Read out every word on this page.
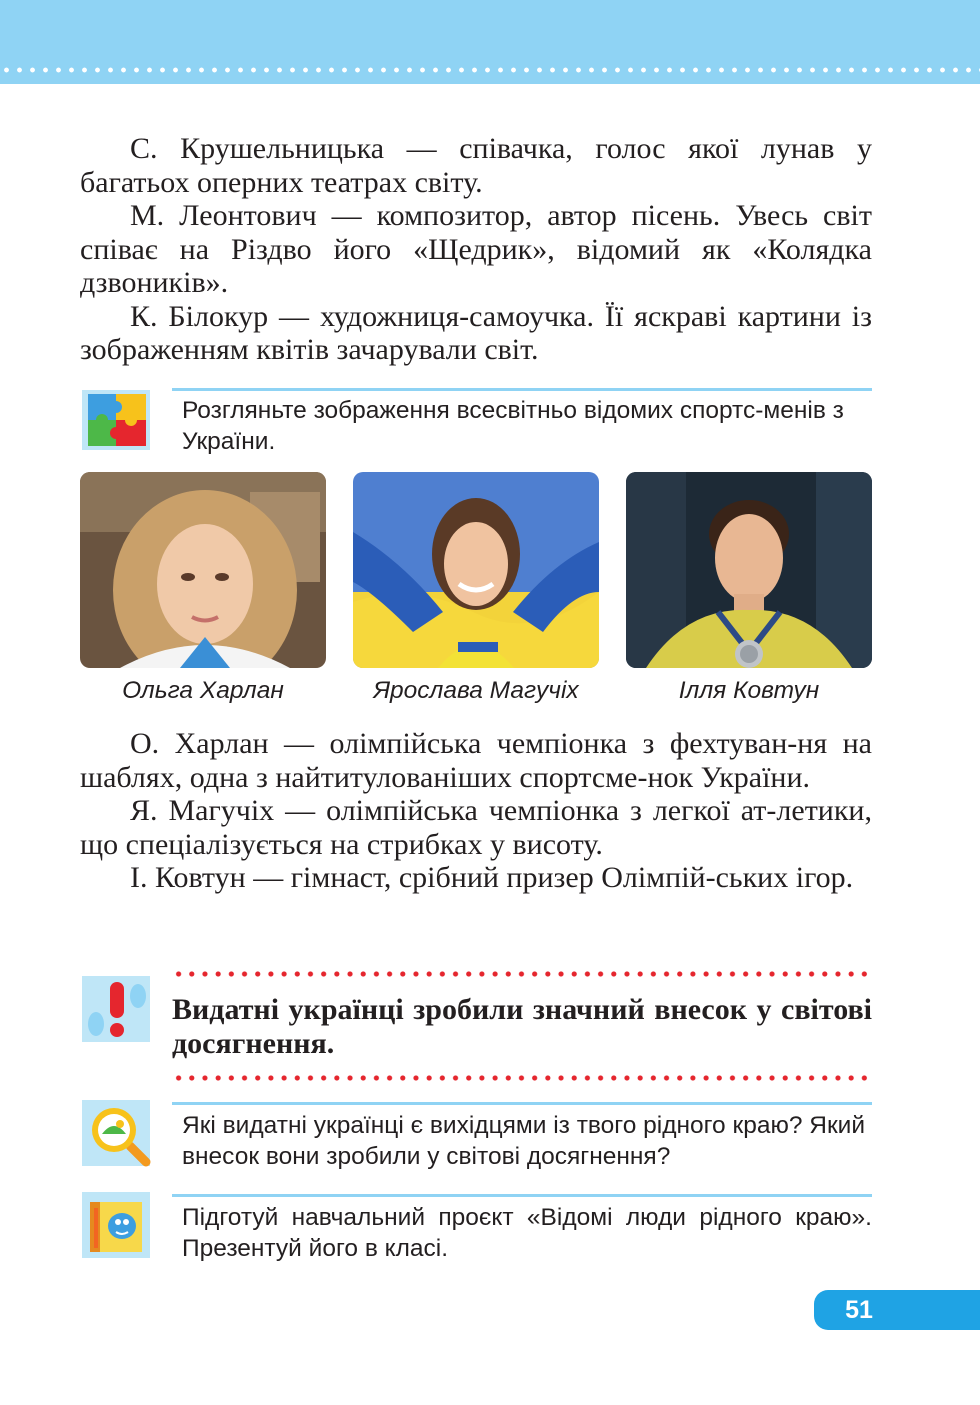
С. Крушельницька — співачка, голос якої лунав у багатьох оперних театрах світу.

М. Леонтович — композитор, автор пісень. Увесь світ співає на Різдво його «Щедрик», відомий як «Колядка дзвоників».

К. Білокур — художниця-самоучка. Її яскраві картини із зображенням квітів зачарували світ.

Розгляньте зображення всесвітньо відомих спортс-менів з України.
Ольга Харлан	Ярослава Магучіх	Ілля Ковтун

О. Харлан — олімпійська чемпіонка з фехтуван-ня на шаблях, одна з найтитулованіших спортсме-нок України.

Я. Магучіх — олімпійська чемпіонка з легкої ат-летики, що спеціалізується на стрибках у висоту.

І. Ковтун — гімнаст, срібний призер Олімпій-ських ігор.

Видатні українці зробили значний внесок у світові досягнення.
Які видатні українці є вихідцями із твого рідного краю? Який внесок вони зробили у світові досягнення?
Підготуй навчальний проєкт «Відомі люди рідного краю». Презентуй його в класі.
51
